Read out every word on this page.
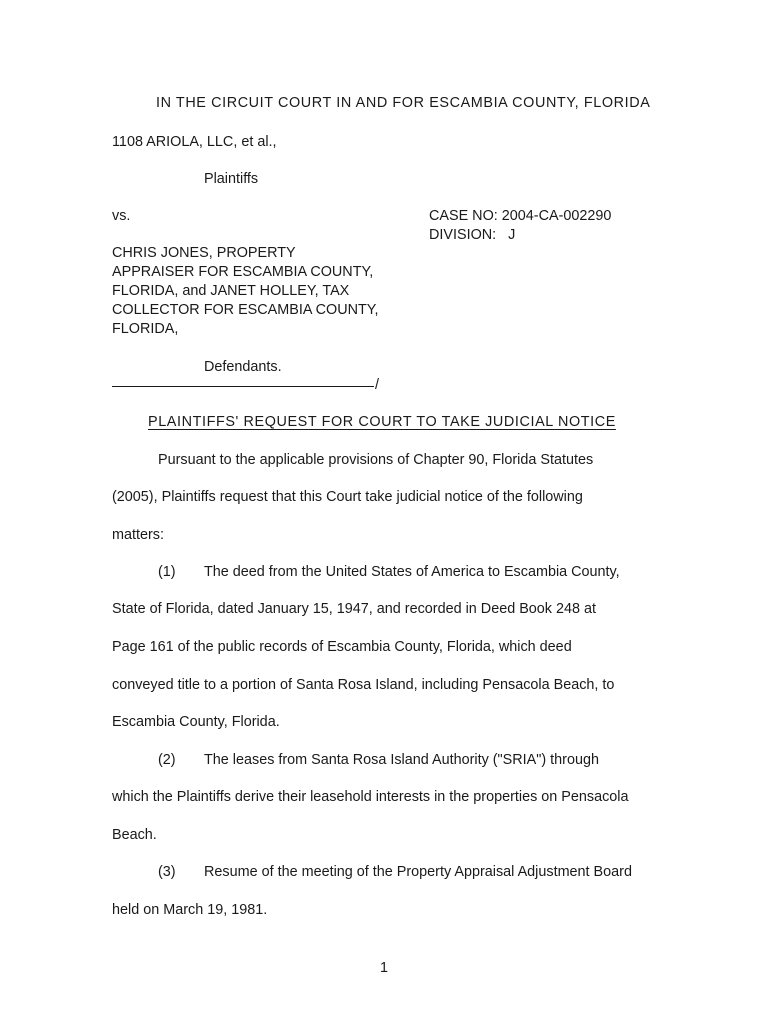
IN THE CIRCUIT COURT IN AND FOR ESCAMBIA COUNTY, FLORIDA
1108 ARIOLA, LLC, et al.,
Plaintiffs
vs.	CASE NO: 2004-CA-002290
DIVISION:   J
CHRIS JONES, PROPERTY
APPRAISER FOR ESCAMBIA COUNTY,
FLORIDA, and JANET HOLLEY, TAX
COLLECTOR FOR ESCAMBIA COUNTY,
FLORIDA,
Defendants.
/
PLAINTIFFS' REQUEST FOR COURT TO TAKE JUDICIAL NOTICE
Pursuant to the applicable provisions of Chapter 90, Florida Statutes
(2005), Plaintiffs request that this Court take judicial notice of the following
matters:
(1) The deed from the United States of America to Escambia County,
State of Florida, dated January 15, 1947, and recorded in Deed Book 248 at
Page 161 of the public records of Escambia County, Florida, which deed
conveyed title to a portion of Santa Rosa Island, including Pensacola Beach, to
Escambia County, Florida.
(2) The leases from Santa Rosa Island Authority ("SRIA") through
which the Plaintiffs derive their leasehold interests in the properties on Pensacola
Beach.
(3) Resume of the meeting of the Property Appraisal Adjustment Board
held on March 19, 1981.
1
